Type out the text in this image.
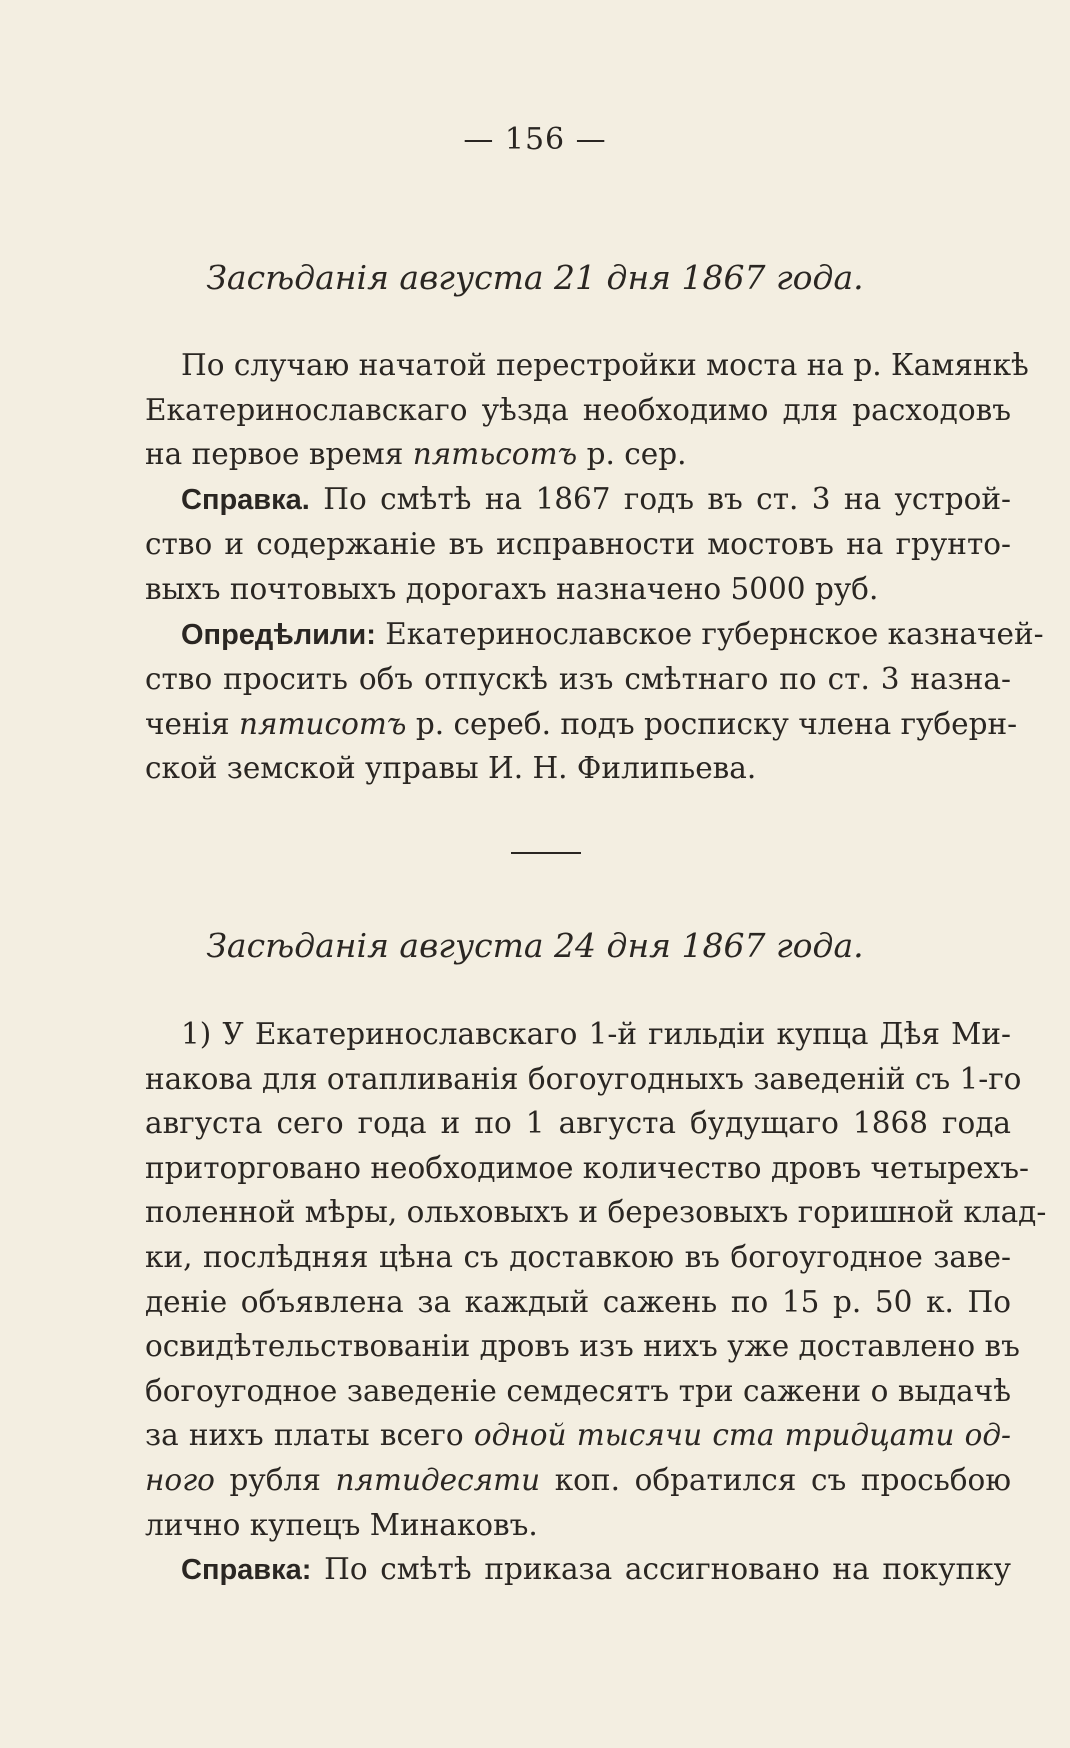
— 156 —
Засѣданія августа 21 дня 1867 года.

По случаю начатой перестройки моста на р. Камянкѣ
Екатеринославскаго уѣзда необходимо для расходовъ
на первое время пятьсотъ р. сер.

Справка. По смѣтѣ на 1867 годъ въ ст. 3 на устрой-
ство и содержаніе въ исправности мостовъ на грунто-
выхъ почтовыхъ дорогахъ назначено 5000 руб.

Опредѣлили: Екатеринославское губернское казначей-
ство просить объ отпускѣ изъ смѣтнаго по ст. 3 назна-
ченія пятисотъ р. сереб. подъ росписку члена губерн-
ской земской управы И. Н. Филипьева.

Засѣданія августа 24 дня 1867 года.

1) У Екатеринославскаго 1-й гильдіи купца Дѣя Ми-
накова для отапливанія богоугодныхъ заведеній съ 1-го
августа сего года и по 1 августа будущаго 1868 года
приторговано необходимое количество дровъ четырехъ-
поленной мѣры, ольховыхъ и березовыхъ горишной клад-
ки, послѣдняя цѣна съ доставкою въ богоугодное заве-
деніе объявлена за каждый сажень по 15 р. 50 к. По
освидѣтельствованіи дровъ изъ нихъ уже доставлено въ
богоугодное заведеніе семдесятъ три сажени о выдачѣ
за нихъ платы всего одной тысячи ста тридцати од-
ного рубля пятидесяти коп. обратился съ просьбою
лично купецъ Минаковъ.

Справка: По смѣтѣ приказа ассигновано на покупку
